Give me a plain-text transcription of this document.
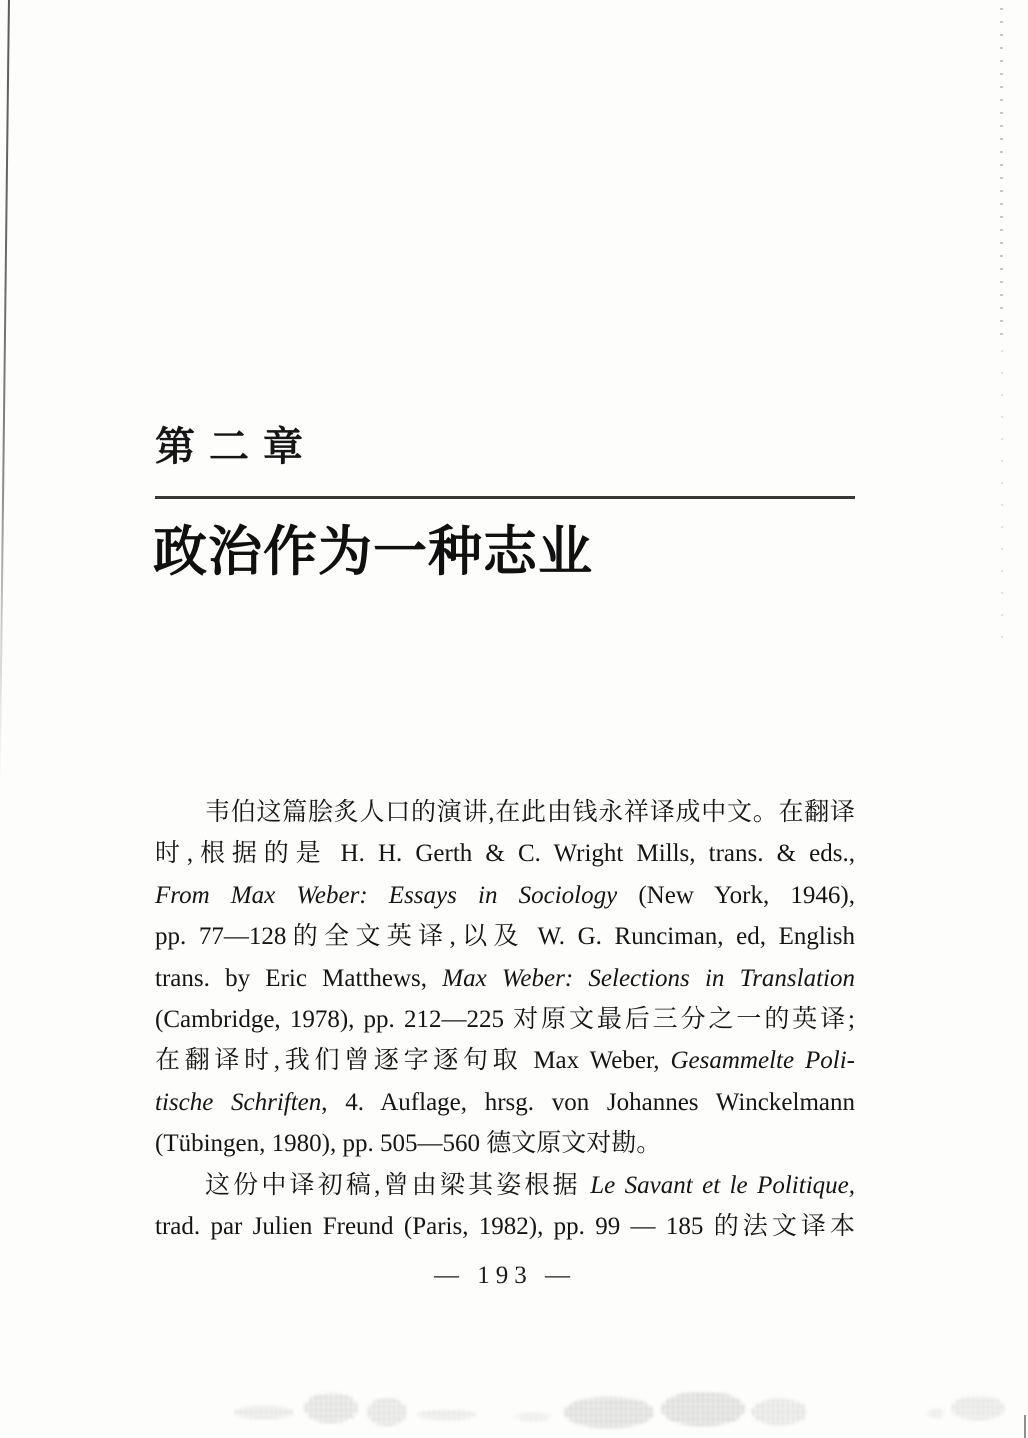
第二章
政治作为一种志业
韦伯这篇脍炙人口的演讲,在此由钱永祥译成中文。在翻译
时,根据的是 H. H. Gerth & C. Wright Mills, trans. & eds.,
From Max Weber: Essays in Sociology (New York, 1946),
pp. 77—128的全文英译,以及 W. G. Runciman, ed, English
trans. by Eric Matthews, Max Weber: Selections in Translation
(Cambridge, 1978), pp. 212—225 对原文最后三分之一的英译;
在翻译时,我们曾逐字逐句取 Max Weber, Gesammelte Poli-
tische Schriften, 4. Auflage, hrsg. von Johannes Winckelmann
(Tübingen, 1980), pp. 505—560 德文原文对勘。
这份中译初稿,曾由梁其姿根据 Le Savant et le Politique,
trad. par Julien Freund (Paris, 1982), pp. 99 — 185 的法文译本
— 193 —
